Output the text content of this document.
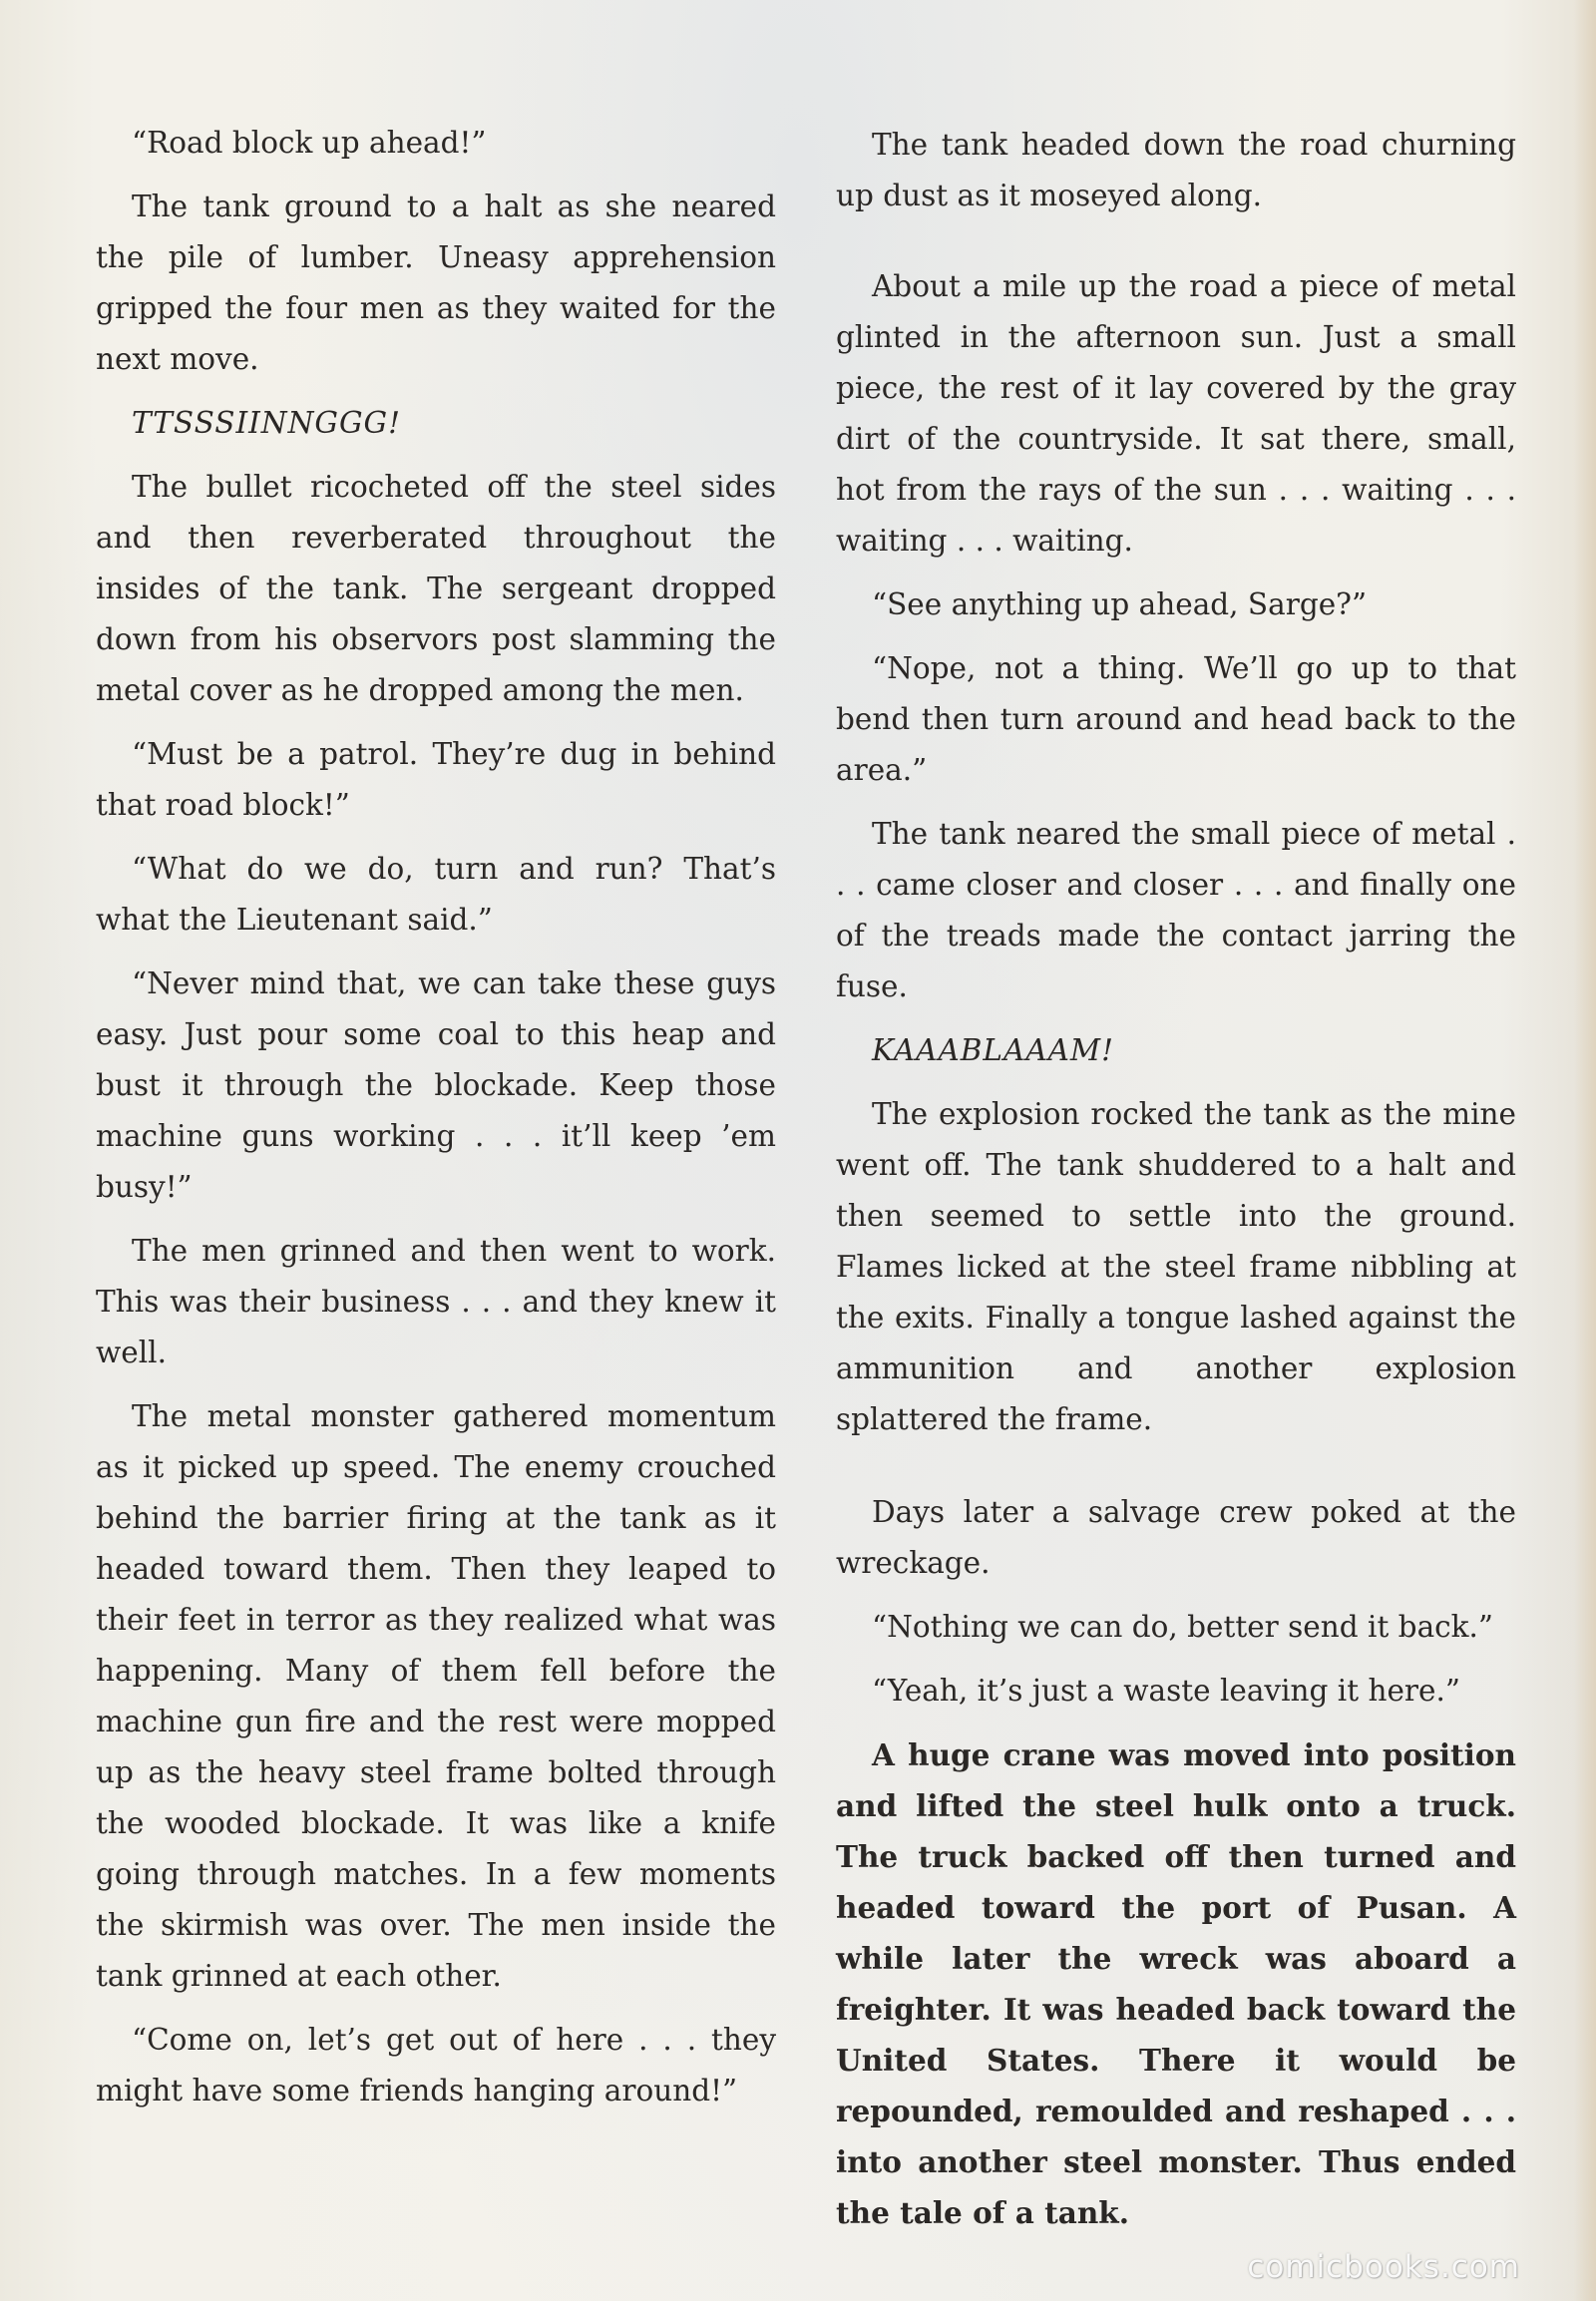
“Road block up ahead!”

The tank ground to a halt as she neared the pile of lumber. Uneasy apprehension gripped the four men as they waited for the next move.

TTSSSIINNGGG!

The bullet ricocheted off the steel sides and then reverberated throughout the insides of the tank. The sergeant dropped down from his observors post slamming the metal cover as he dropped among the men.

“Must be a patrol. They’re dug in behind that road block!”

“What do we do, turn and run? That’s what the Lieutenant said.”

“Never mind that, we can take these guys easy. Just pour some coal to this heap and bust it through the blockade. Keep those machine guns working . . . it’ll keep ’em busy!”

The men grinned and then went to work. This was their business . . . and they knew it well.

The metal monster gathered momentum as it picked up speed. The enemy crouched behind the barrier firing at the tank as it headed toward them. Then they leaped to their feet in terror as they realized what was happening. Many of them fell before the machine gun fire and the rest were mopped up as the heavy steel frame bolted through the wooded blockade. It was like a knife going through matches. In a few moments the skirmish was over. The men inside the tank grinned at each other.

“Come on, let’s get out of here . . . they might have some friends hanging around!”

The tank headed down the road churning up dust as it moseyed along.

About a mile up the road a piece of metal glinted in the afternoon sun. Just a small piece, the rest of it lay covered by the gray dirt of the countryside. It sat there, small, hot from the rays of the sun . . . waiting . . . waiting . . . waiting.

“See anything up ahead, Sarge?”

“Nope, not a thing. We’ll go up to that bend then turn around and head back to the area.”

The tank neared the small piece of metal . . . came closer and closer . . . and finally one of the treads made the contact jarring the fuse.

KAAABLAAAM!

The explosion rocked the tank as the mine went off. The tank shuddered to a halt and then seemed to settle into the ground. Flames licked at the steel frame nibbling at the exits. Finally a tongue lashed against the ammunition and another explosion splattered the frame.

Days later a salvage crew poked at the wreckage.

“Nothing we can do, better send it back.”

“Yeah, it’s just a waste leaving it here.”

A huge crane was moved into position and lifted the steel hulk onto a truck. The truck backed off then turned and headed toward the port of Pusan. A while later the wreck was aboard a freighter. It was headed back toward the United States. There it would be repounded, remoulded and reshaped . . . into another steel monster. Thus ended the tale of a tank.

comicbooks.com
